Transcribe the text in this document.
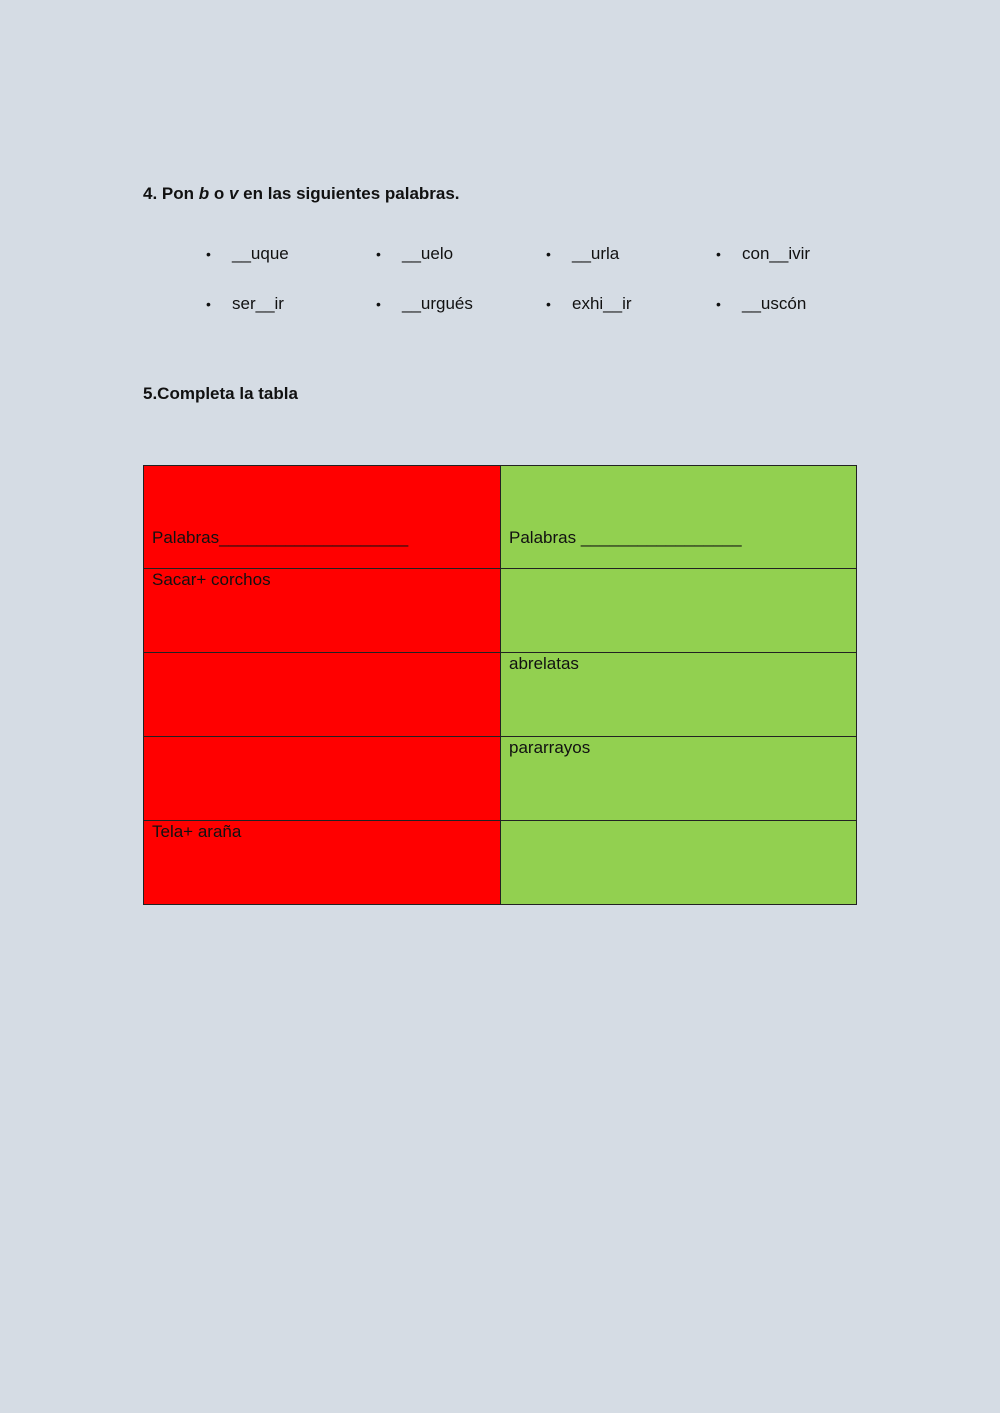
4. Pon b o v en las siguientes palabras.
•	__uque	•	__uelo	•	__urla	•	con__ivir
•	ser__ir	•	__urgués	•	exhi__ir	•	__uscón
5.Completa la tabla
Palabras____________________	Palabras _________________
Sacar+ corchos	
	abrelatas
	pararrayos
Tela+ araña	
